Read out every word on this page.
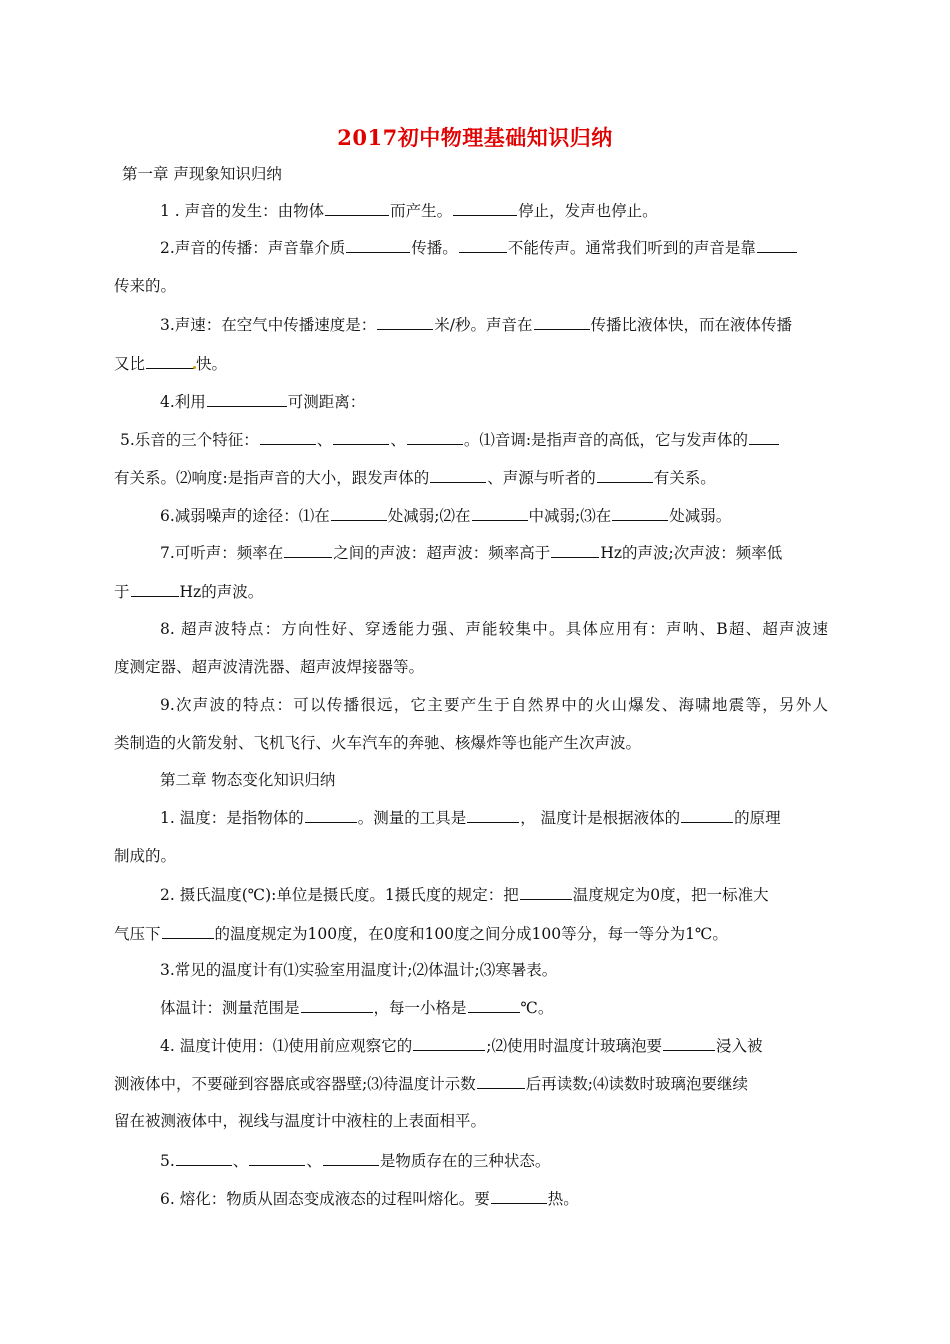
2017初中物理基础知识归纳
第一章 声现象知识归纳
1 . 声音的发生：由物体	而产生。	停止，发声也停止。
2.声音的传播：声音靠介质	传播。	不能传声。通常我们听到的声音是靠
传来的。
3.声速：在空气中传播速度是：	米/秒。声音在	传播比液体快，而在液体传播
又比	快。
4.利用	可测距离：
5.乐音的三个特征：	、	、	。⑴音调:是指声音的高低，它与发声体的
有关系。⑵响度:是指声音的大小，跟发声体的	、声源与听者的	有关系。
6.减弱噪声的途径：⑴在	处减弱;⑵在	中减弱;⑶在	处减弱。
7.可听声：频率在	之间的声波：超声波：频率高于	Hz的声波;次声波：频率低
于	Hz的声波。
8. 超声波特点：方向性好、穿透能力强、声能较集中。具体应用有：声呐、B超、超声波速
度测定器、超声波清洗器、超声波焊接器等。
9.次声波的特点：可以传播很远，它主要产生于自然界中的火山爆发、海啸地震等，另外人
类制造的火箭发射、飞机飞行、火车汽车的奔驰、核爆炸等也能产生次声波。
第二章 物态变化知识归纳
1. 温度：是指物体的	。测量的工具是	， 温度计是根据液体的	的原理
制成的。
2. 摄氏温度(℃):单位是摄氏度。1摄氏度的规定：把	温度规定为0度，把一标准大
气压下	的温度规定为100度，在0度和100度之间分成100等分，每一等分为1℃。
3.常见的温度计有⑴实验室用温度计;⑵体温计;⑶寒暑表。
体温计：测量范围是	，每一小格是	℃。
4. 温度计使用：⑴使用前应观察它的	;⑵使用时温度计玻璃泡要	浸入被
测液体中，不要碰到容器底或容器壁;⑶待温度计示数	后再读数;⑷读数时玻璃泡要继续
留在被测液体中，视线与温度计中液柱的上表面相平。
5.	、	、	是物质存在的三种状态。
6. 熔化：物质从固态变成液态的过程叫熔化。要	热。
